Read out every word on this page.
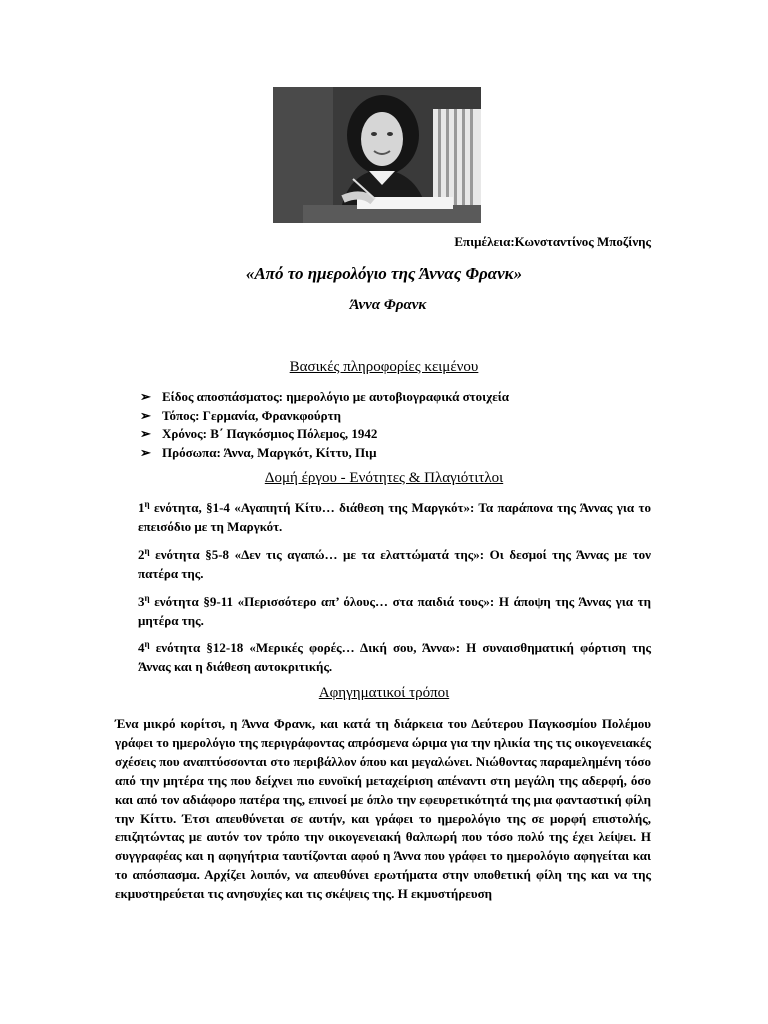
Επιμέλεια:Κωνσταντίνος Μποζίνης
«Από το ημερολόγιο της Άννας Φρανκ»
Άννα Φρανκ
Βασικές πληροφορίες κειμένου
➢ Είδος αποσπάσματος: ημερολόγιο με αυτοβιογραφικά στοιχεία
➢ Τόπος: Γερμανία, Φρανκφούρτη
➢ Χρόνος: Β΄ Παγκόσμιος Πόλεμος, 1942
➢ Πρόσωπα: Άννα, Μαργκότ, Κίττυ, Πιμ
Δομή έργου - Ενότητες & Πλαγιότιτλοι

$1^\eta$ ενότητα, §1-4 «Αγαπητή Κίτυ… διάθεση της Μαργκότ»: Τα παράπονα της Άννας για το επεισόδιο με τη Μαργκότ.

$2^\eta$ ενότητα §5-8 «Δεν τις αγαπώ… με τα ελαττώματά της»: Οι δεσμοί της Άννας με τον πατέρα της.

$3^\eta$ ενότητα §9-11 «Περισσότερο απ’ όλους… στα παιδιά τους»: Η άποψη της Άννας για τη μητέρα της.

$4^\eta$ ενότητα §12-18 «Μερικές φορές… Δική σου, Άννα»: Η συναισθηματική φόρτιση της Άννας και η διάθεση αυτοκριτικής.

Αφηγηματικοί τρόποι

Ένα μικρό κορίτσι, η Άννα Φρανκ, και κατά τη διάρκεια του Δεύτερου Παγκοσμίου Πολέμου γράφει το ημερολόγιο της περιγράφοντας απρόσμενα ώριμα για την ηλικία της τις οικογενειακές σχέσεις που αναπτύσσονται στο περιβάλλον όπου και μεγαλώνει. Νιώθοντας παραμελημένη τόσο από την μητέρα της που δείχνει πιο ευνοϊκή μεταχείριση απέναντι στη μεγάλη της αδερφή, όσο και από τον αδιάφορο πατέρα της, επινοεί με όπλο την εφευρετικότητά της μια φανταστική φίλη την Κίττυ. Έτσι απευθύνεται σε αυτήν, και γράφει το ημερολόγιο της σε μορφή επιστολής, επιζητώντας με αυτόν τον τρόπο την οικογενειακή θαλπωρή που τόσο πολύ της έχει λείψει. Η συγγραφέας και η αφηγήτρια ταυτίζονται αφού η Άννα που γράφει το ημερολόγιο αφηγείται και το απόσπασμα. Αρχίζει λοιπόν, να απευθύνει ερωτήματα στην υποθετική φίλη της και να της εκμυστηρεύεται τις ανησυχίες και τις σκέψεις της. Η εκμυστήρευση
